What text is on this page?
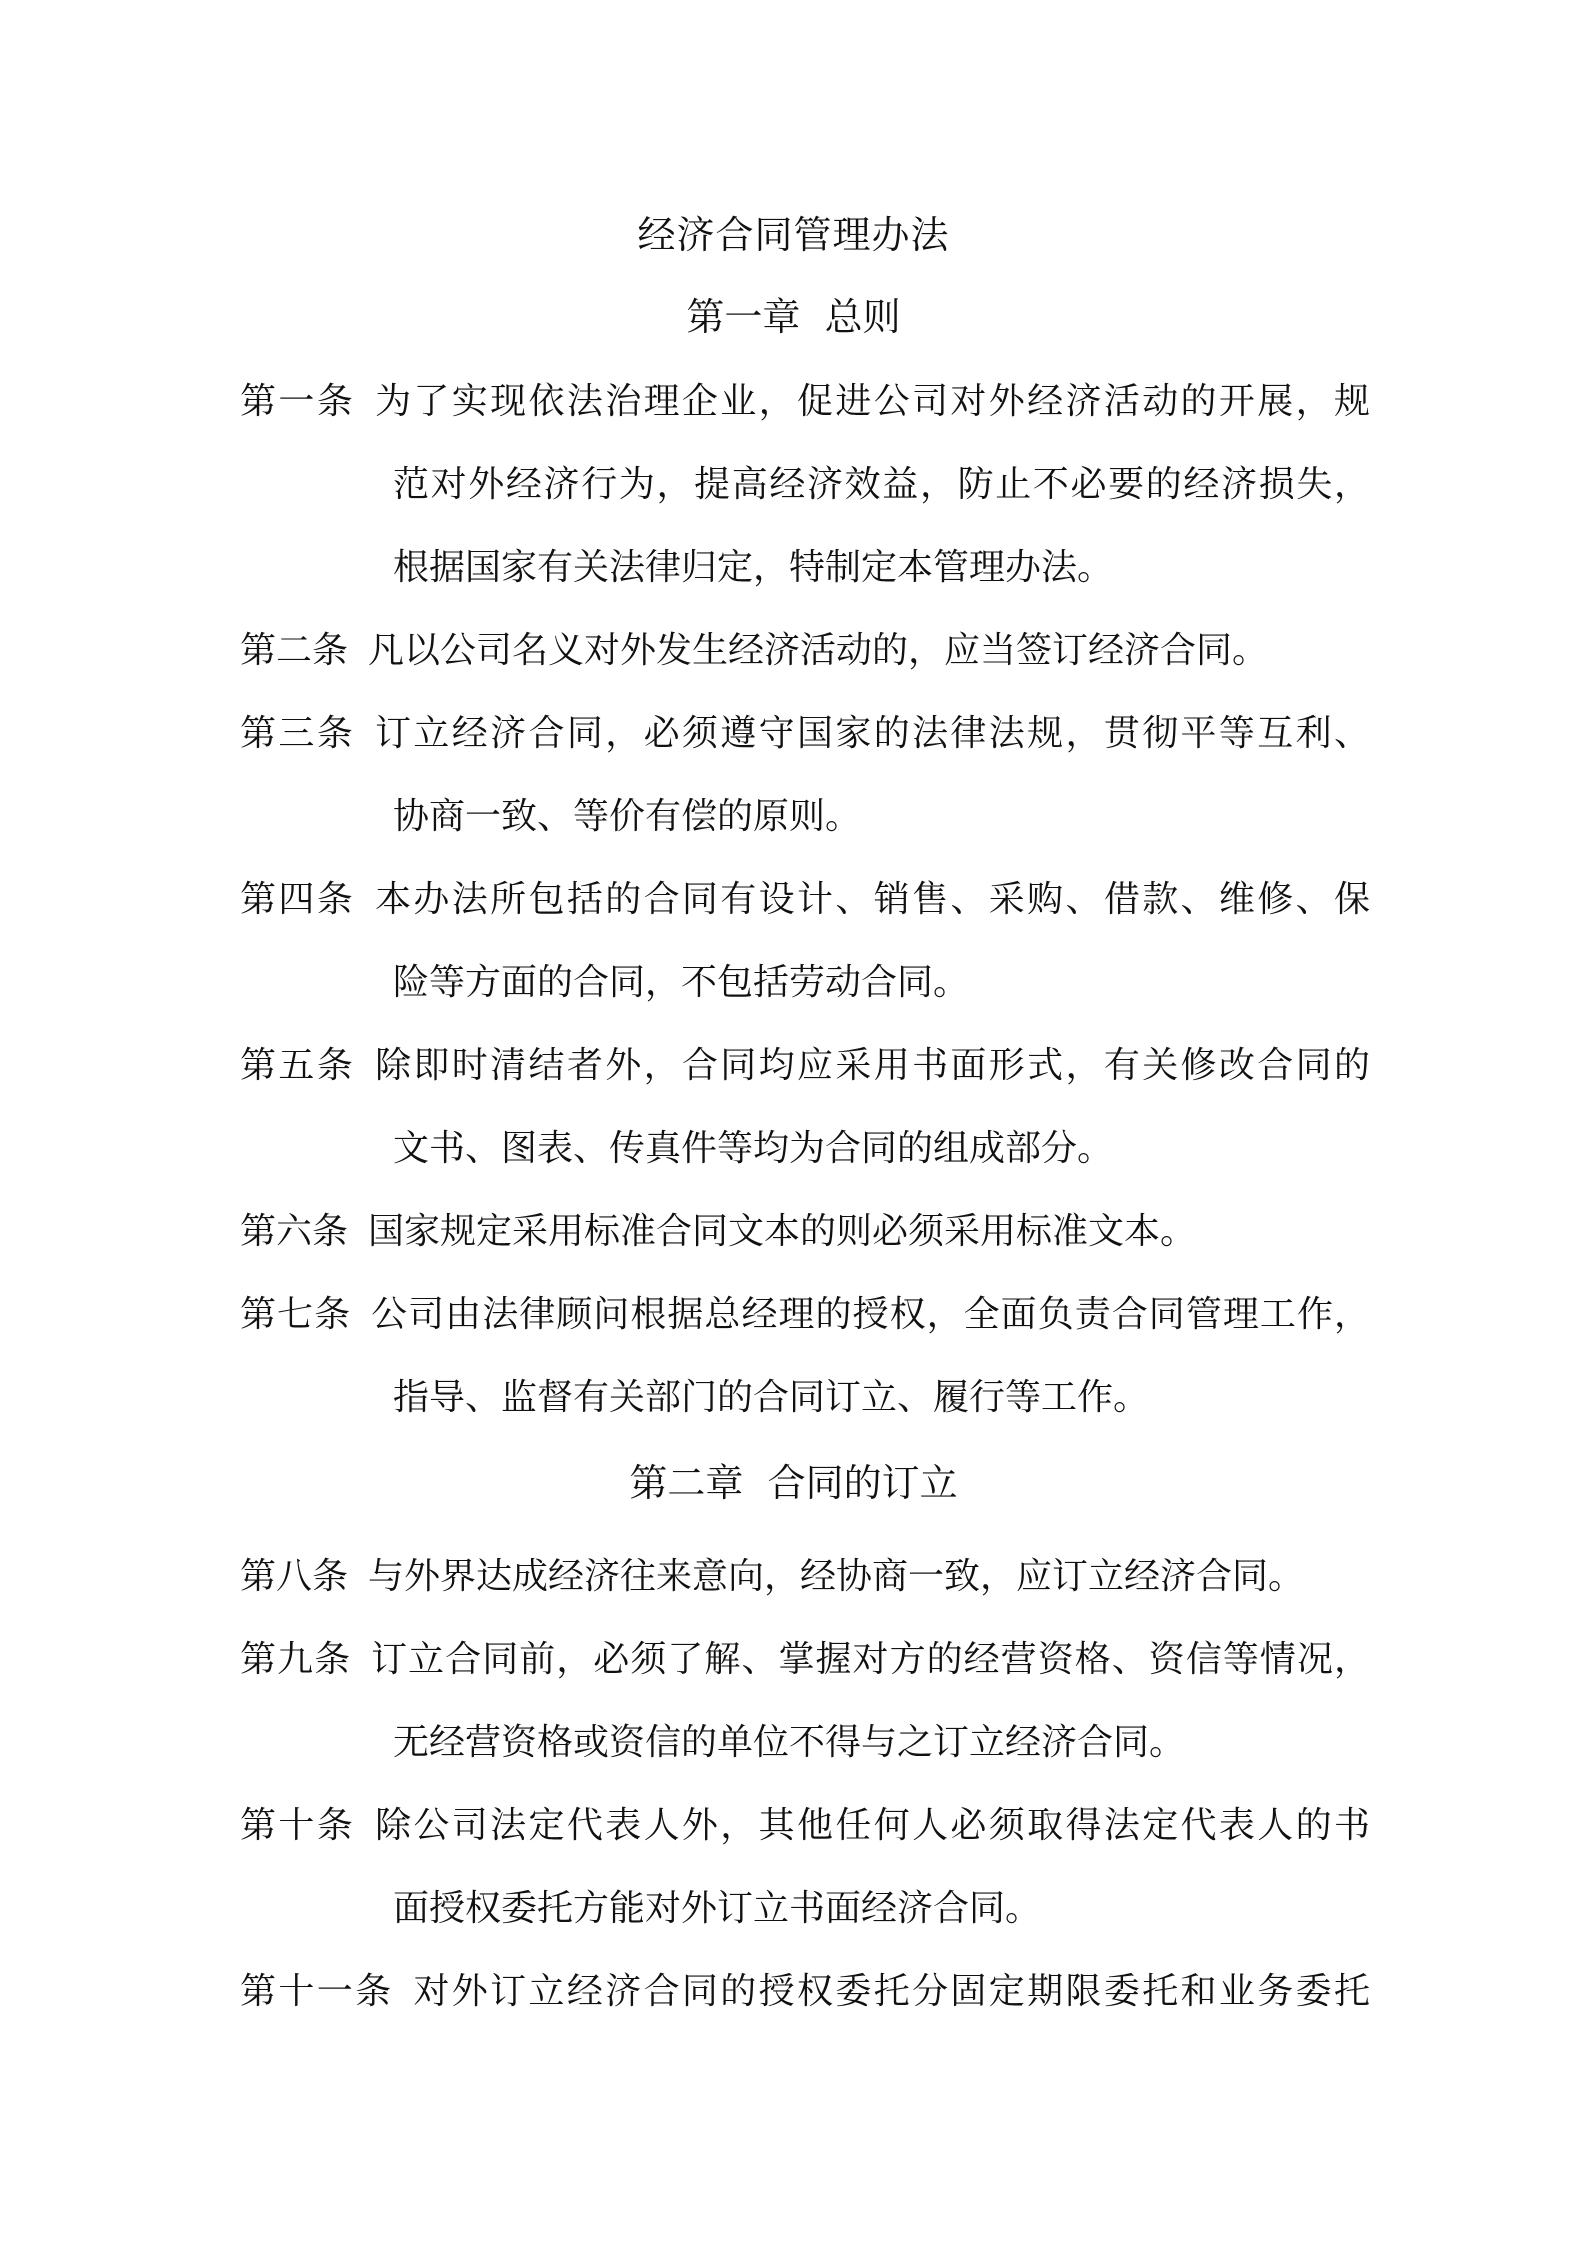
经济合同管理办法
第一章  总则
第一条 为了实现依法治理企业，促进公司对外经济活动的开展，规
范对外经济行为，提高经济效益，防止不必要的经济损失，
根据国家有关法律归定，特制定本管理办法。
第二条 凡以公司名义对外发生经济活动的，应当签订经济合同。
第三条 订立经济合同，必须遵守国家的法律法规，贯彻平等互利、
协商一致、等价有偿的原则。
第四条 本办法所包括的合同有设计、销售、采购、借款、维修、保
险等方面的合同，不包括劳动合同。
第五条 除即时清结者外，合同均应采用书面形式，有关修改合同的
文书、图表、传真件等均为合同的组成部分。
第六条 国家规定采用标准合同文本的则必须采用标准文本。
第七条 公司由法律顾问根据总经理的授权，全面负责合同管理工作，
指导、监督有关部门的合同订立、履行等工作。
第二章  合同的订立
第八条 与外界达成经济往来意向，经协商一致，应订立经济合同。
第九条 订立合同前，必须了解、掌握对方的经营资格、资信等情况，
无经营资格或资信的单位不得与之订立经济合同。
第十条 除公司法定代表人外，其他任何人必须取得法定代表人的书
面授权委托方能对外订立书面经济合同。
第十一条 对外订立经济合同的授权委托分固定期限委托和业务委托
